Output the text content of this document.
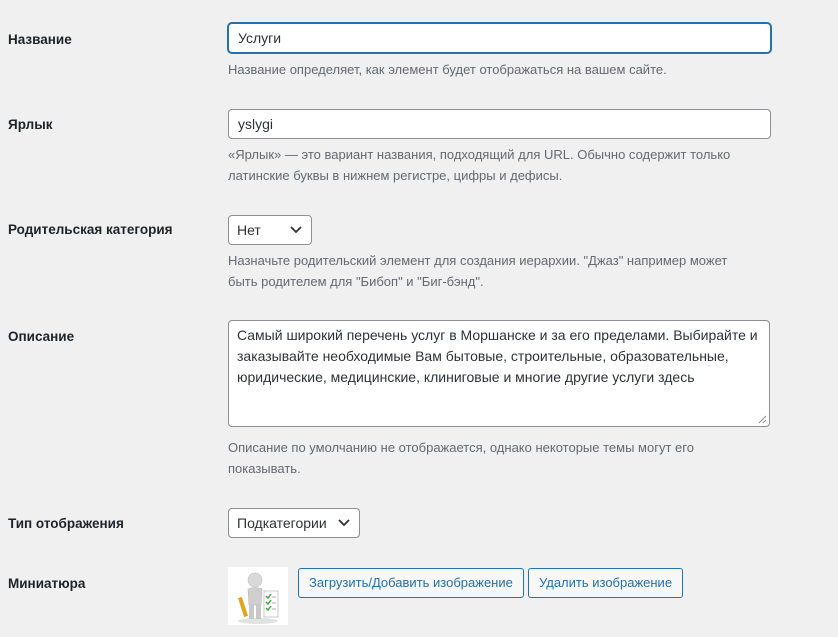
Название	Услуги
Название определяет, как элемент будет отображаться на вашем сайте.
Ярлык	yslygi
«Ярлык» — это вариант названия, подходящий для URL. Обычно содержит только
латинские буквы в нижнем регистре, цифры и дефисы.
Родительская категория	Нет
Назначьте родительский элемент для создания иерархии. "Джаз" например может
быть родителем для "Бибоп" и "Биг-бэнд".
Описание	Самый широкий перечень услуг в Моршанске и за его пределами. Выбирайте и
заказывайте необходимые Вам бытовые, строительные, образовательные,
юридические, медицинские, клиниговые и многие другие услуги здесь
Описание по умолчанию не отображается, однако некоторые темы могут его
показывать.
Тип отображения	Подкатегории
Миниатюра	Загрузить/Добавить изображение	Удалить изображение
